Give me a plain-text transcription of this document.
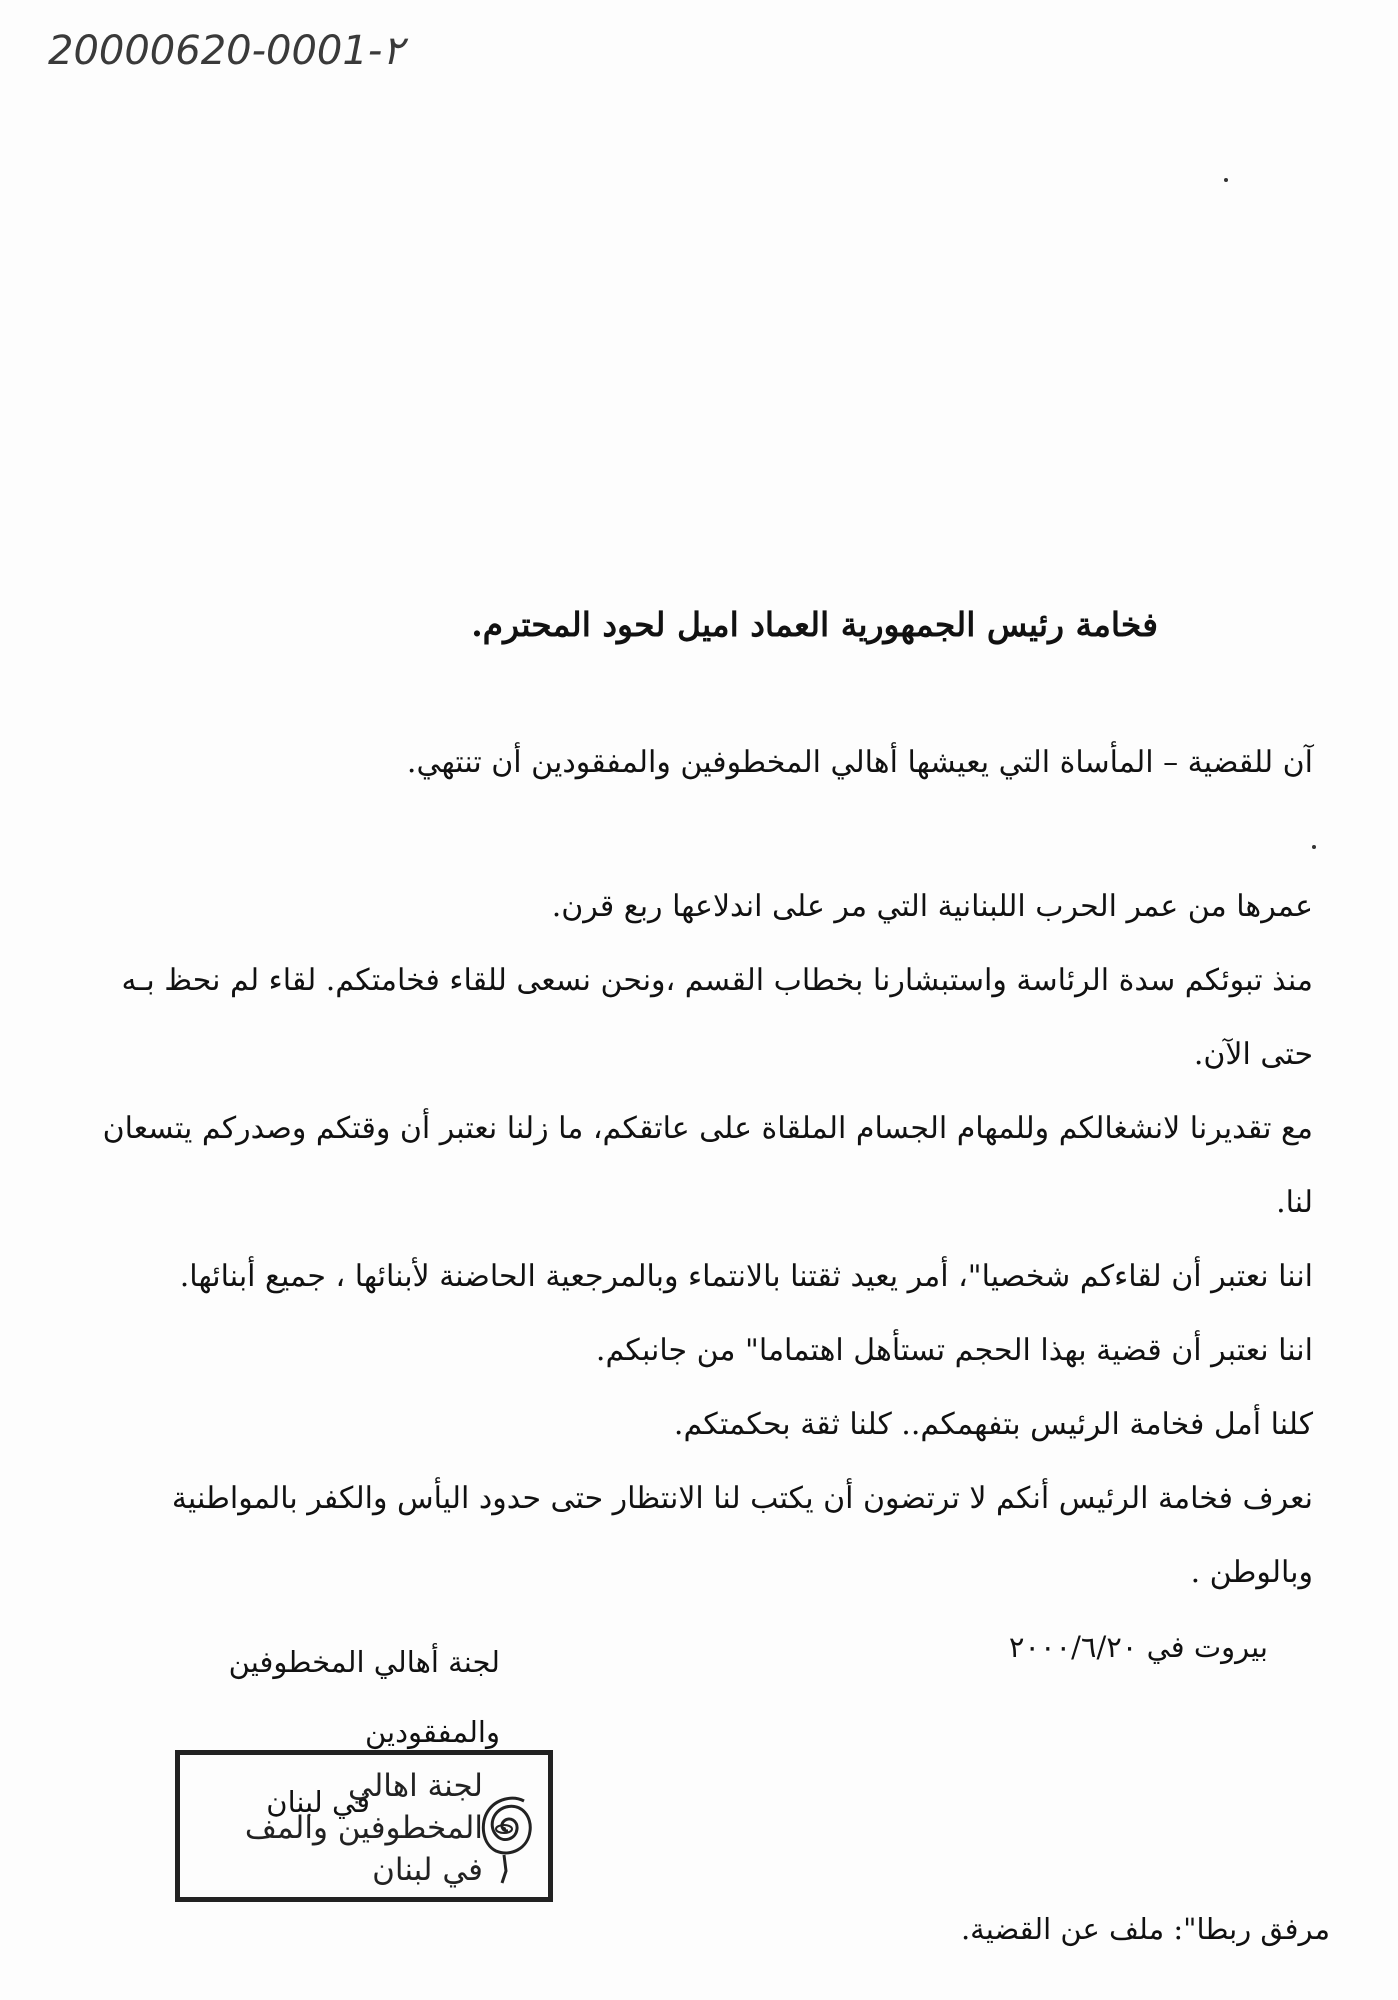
20000620-0001-٢
فخامة رئيس الجمهورية العماد اميل لحود المحترم.
آن للقضية – المأساة التي يعيشها أهالي المخطوفين والمفقودين أن تنتهي.

عمرها من عمر الحرب اللبنانية التي مر على اندلاعها ربع قرن.

منذ تبوئكم سدة الرئاسة واستبشارنا بخطاب القسم ،ونحن نسعى للقاء فخامتكم. لقاء لم نحظ بـه حتى الآن.

مع تقديرنا لانشغالكم وللمهام الجسام الملقاة على عاتقكم، ما زلنا نعتبر أن وقتكم وصدركم يتسعان لنا.

اننا نعتبر أن لقاءكم شخصيا"، أمر يعيد ثقتنا بالانتماء وبالمرجعية الحاضنة لأبنائها ، جميع أبنائها.

اننا نعتبر أن قضية بهذا الحجم تستأهل اهتماما" من جانبكم.

كلنا أمل فخامة الرئيس بتفهمكم.. كلنا ثقة بحكمتكم.

نعرف فخامة الرئيس أنكم لا ترتضون أن يكتب لنا الانتظار حتى حدود اليأس والكفر بالمواطنية وبالوطن .

بيروت في ٢٠٠٠/٦/٢٠
لجنة أهالي المخطوفين والمفقودين
في لبنان
لجنة اهالي
المخطوفين والمف
في لبنان
مرفق ربطا": ملف عن القضية.
